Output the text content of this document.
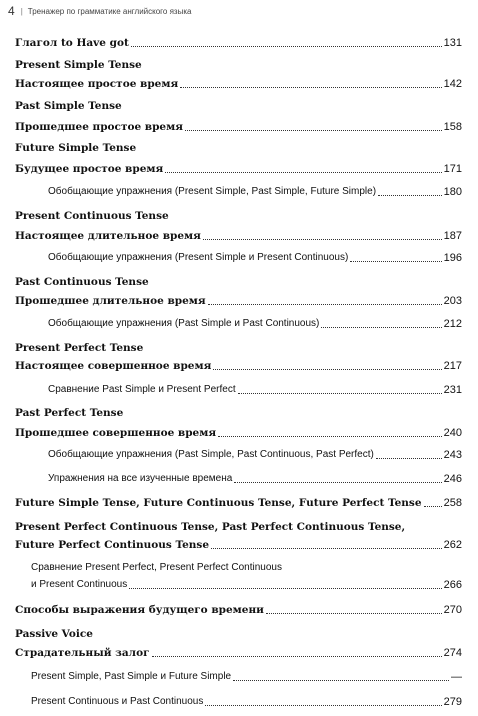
4 | Тренажер по грамматике английского языка
Глагол to Have got	131
Present Simple Tense
Настоящее простое время	142
Past Simple Tense
Прошедшее простое время	158
Future Simple Tense
Будущее простое время	171
Обобщающие упражнения (Present Simple, Past Simple, Future Simple)	180
Present Continuous Tense
Настоящее длительное время	187
Обобщающие упражнения (Present Simple и Present Continuous)	196
Past Continuous Tense
Прошедшее длительное время	203
Обобщающие упражнения (Past Simple и Past Continuous)	212
Present Perfect Tense
Настоящее совершенное время	217
Сравнение Past Simple и Present Perfect	231
Past Perfect Tense
Прошедшее совершенное время	240
Обобщающие упражнения (Past Simple, Past Continuous, Past Perfect)	243
Упражнения на все изученные времена	246
Future Simple Tense, Future Continuous Tense, Future Perfect Tense 258
Present Perfect Continuous Tense, Past Perfect Continuous Tense,
Future Perfect Continuous Tense	262
Сравнение Present Perfect, Present Perfect Continuous
и Present Continuous	266
Способы выражения будущего времени	270
Passive Voice
Страдательный залог	274
Present Simple, Past Simple и Future Simple	—
Present Continuous и Past Continuous	279
